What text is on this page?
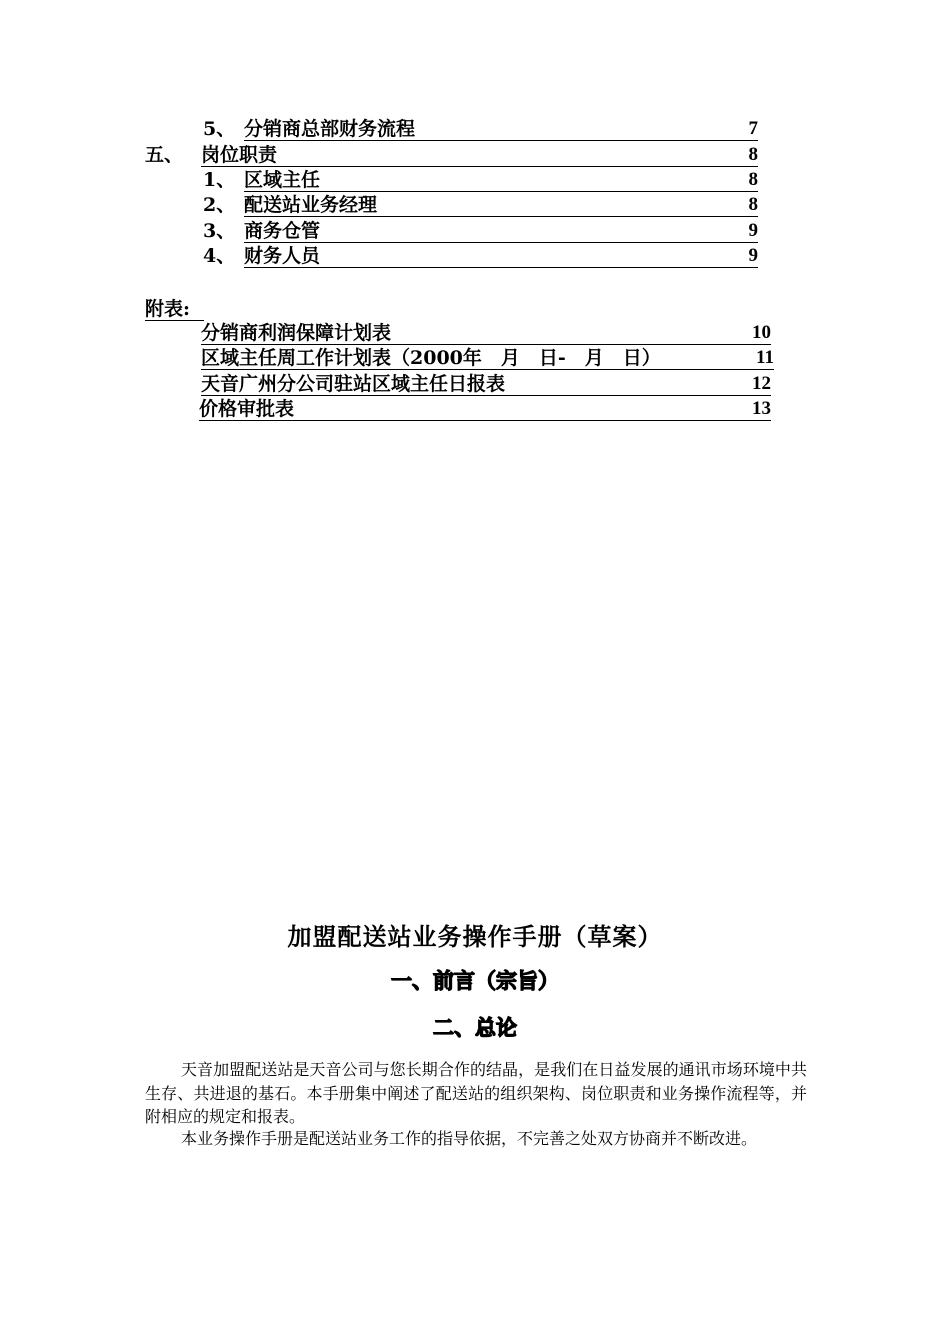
5、 分销商总部财务流程	7
五、 岗位职责	8
1、 区域主任	8
2、 配送站业务经理	8
3、 商务仓管	9
4、 财务人员	9
附表:
分销商利润保障计划表	10
区域主任周工作计划表（2000年　月　日-　月　日）	11
天音广州分公司驻站区域主任日报表	12
价格审批表	13
加盟配送站业务操作手册（草案）
一、前言（宗旨）
二、总论
天音加盟配送站是天音公司与您长期合作的结晶，是我们在日益发展的通讯市场环境中共生存、共进退的基石。本手册集中阐述了配送站的组织架构、岗位职责和业务操作流程等，并附相应的规定和报表。
本业务操作手册是配送站业务工作的指导依据，不完善之处双方协商并不断改进。
